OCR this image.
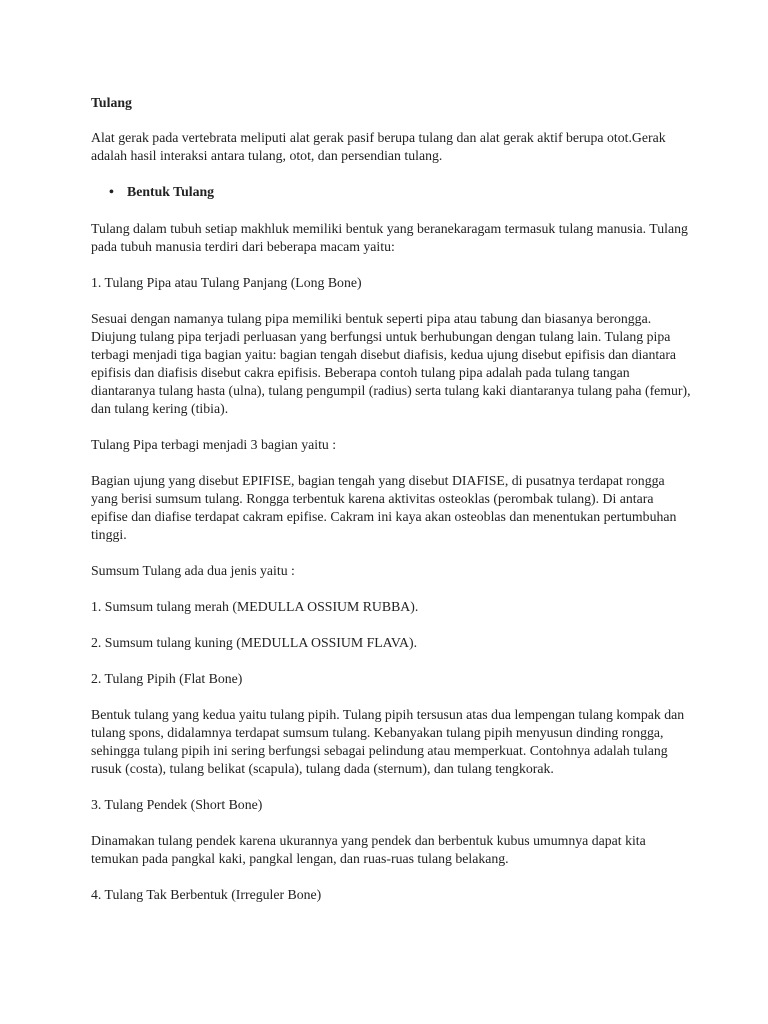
Tulang

Alat gerak pada vertebrata meliputi alat gerak pasif berupa tulang dan alat gerak aktif berupa otot.Gerak adalah hasil interaksi antara tulang, otot, dan persendian tulang.

•
Bentuk Tulang

Tulang dalam tubuh setiap makhluk memiliki bentuk yang beranekaragam termasuk tulang manusia. Tulang pada tubuh manusia terdiri dari beberapa macam yaitu:

1. Tulang Pipa atau Tulang Panjang (Long Bone)

Sesuai dengan namanya tulang pipa memiliki bentuk seperti pipa atau tabung dan biasanya berongga. Diujung tulang pipa terjadi perluasan yang berfungsi untuk berhubungan dengan tulang lain. Tulang pipa terbagi menjadi tiga bagian yaitu: bagian tengah disebut diafisis, kedua ujung disebut epifisis dan diantara epifisis dan diafisis disebut cakra epifisis. Beberapa contoh tulang pipa adalah pada tulang tangan diantaranya tulang hasta (ulna), tulang pengumpil (radius) serta tulang kaki diantaranya tulang paha (femur), dan tulang kering (tibia).

Tulang Pipa terbagi menjadi 3 bagian yaitu :

Bagian ujung yang disebut EPIFISE, bagian tengah yang disebut DIAFISE, di pusatnya terdapat rongga yang berisi sumsum tulang. Rongga terbentuk karena aktivitas osteoklas (perombak tulang). Di antara epifise dan diafise terdapat cakram epifise. Cakram ini kaya akan osteoblas dan menentukan pertumbuhan tinggi.

Sumsum Tulang ada dua jenis yaitu :

1. Sumsum tulang merah (MEDULLA OSSIUM RUBBA).

2. Sumsum tulang kuning (MEDULLA OSSIUM FLAVA).

2. Tulang Pipih (Flat Bone)

Bentuk tulang yang kedua yaitu tulang pipih. Tulang pipih tersusun atas dua lempengan tulang kompak dan tulang spons, didalamnya terdapat sumsum tulang. Kebanyakan tulang pipih menyusun dinding rongga, sehingga tulang pipih ini sering berfungsi sebagai pelindung atau memperkuat. Contohnya adalah tulang rusuk (costa), tulang belikat (scapula), tulang dada (sternum), dan tulang tengkorak.

3. Tulang Pendek (Short Bone)

Dinamakan tulang pendek karena ukurannya yang pendek dan berbentuk kubus umumnya dapat kita temukan pada pangkal kaki, pangkal lengan, dan ruas-ruas tulang belakang.

4. Tulang Tak Berbentuk (Irreguler Bone)
